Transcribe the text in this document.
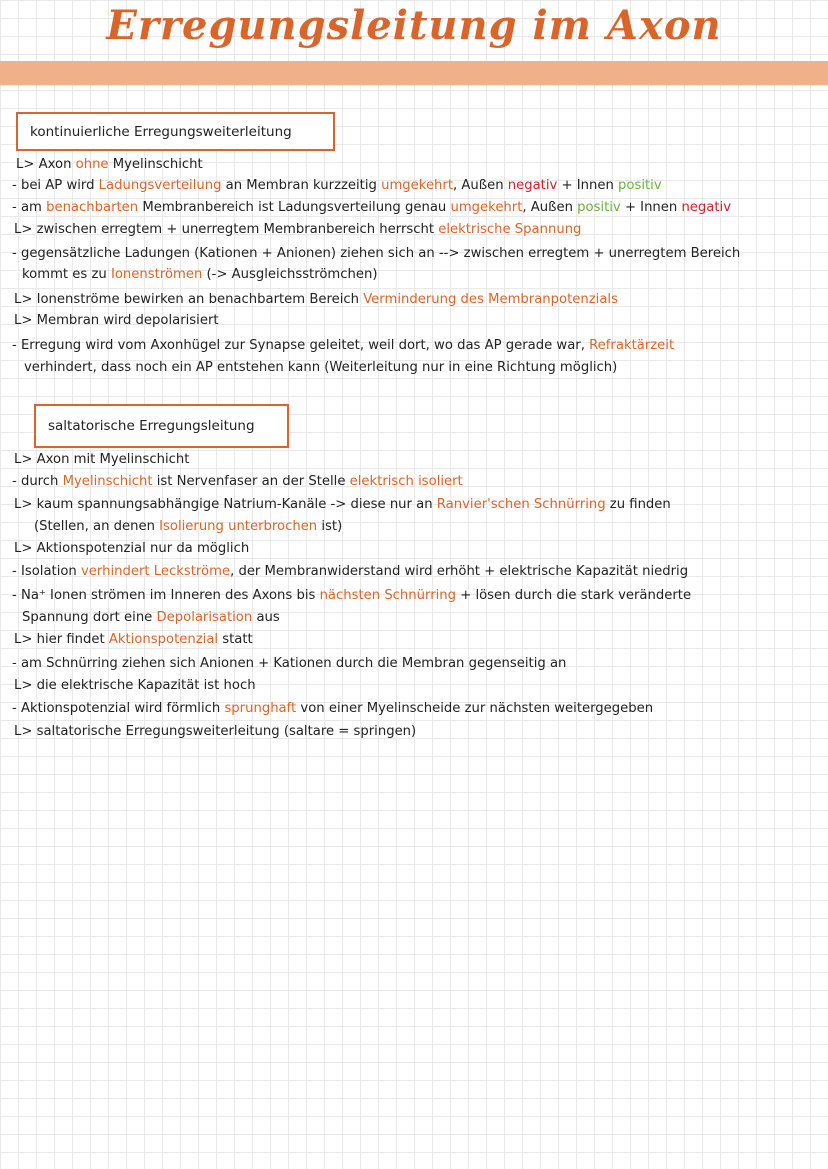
Erregungsleitung im Axon
kontinuierliche Erregungsweiterleitung
saltatorische Erregungsleitung
L> Axon ohne Myelinschicht
- bei AP wird Ladungsverteilung an Membran kurzzeitig umgekehrt, Außen negativ + Innen positiv
- am benachbarten Membranbereich ist Ladungsverteilung genau umgekehrt, Außen positiv + Innen negativ
L> zwischen erregtem + unerregtem Membranbereich herrscht elektrische Spannung
- gegensätzliche Ladungen (Kationen + Anionen) ziehen sich an --> zwischen erregtem + unerregtem Bereich
kommt es zu Ionenströmen (-> Ausgleichsströmchen)
L> Ionenströme bewirken an benachbartem Bereich Verminderung des Membranpotenzials
L> Membran wird depolarisiert
- Erregung wird vom Axonhügel zur Synapse geleitet, weil dort, wo das AP gerade war, Refraktärzeit
verhindert, dass noch ein AP entstehen kann (Weiterleitung nur in eine Richtung möglich)
L> Axon mit Myelinschicht
- durch Myelinschicht ist Nervenfaser an der Stelle elektrisch isoliert
L> kaum spannungsabhängige Natrium-Kanäle -> diese nur an Ranvier'schen Schnürring zu finden
(Stellen, an denen Isolierung unterbrochen ist)
L> Aktionspotenzial nur da möglich
- Isolation verhindert Leckströme, der Membranwiderstand wird erhöht + elektrische Kapazität niedrig
- Na⁺ Ionen strömen im Inneren des Axons bis nächsten Schnürring + lösen durch die stark veränderte
Spannung dort eine Depolarisation aus
L> hier findet Aktionspotenzial statt
- am Schnürring ziehen sich Anionen + Kationen durch die Membran gegenseitig an
L> die elektrische Kapazität ist hoch
- Aktionspotenzial wird förmlich sprunghaft von einer Myelinscheide zur nächsten weitergegeben
L> saltatorische Erregungsweiterleitung (saltare = springen)
